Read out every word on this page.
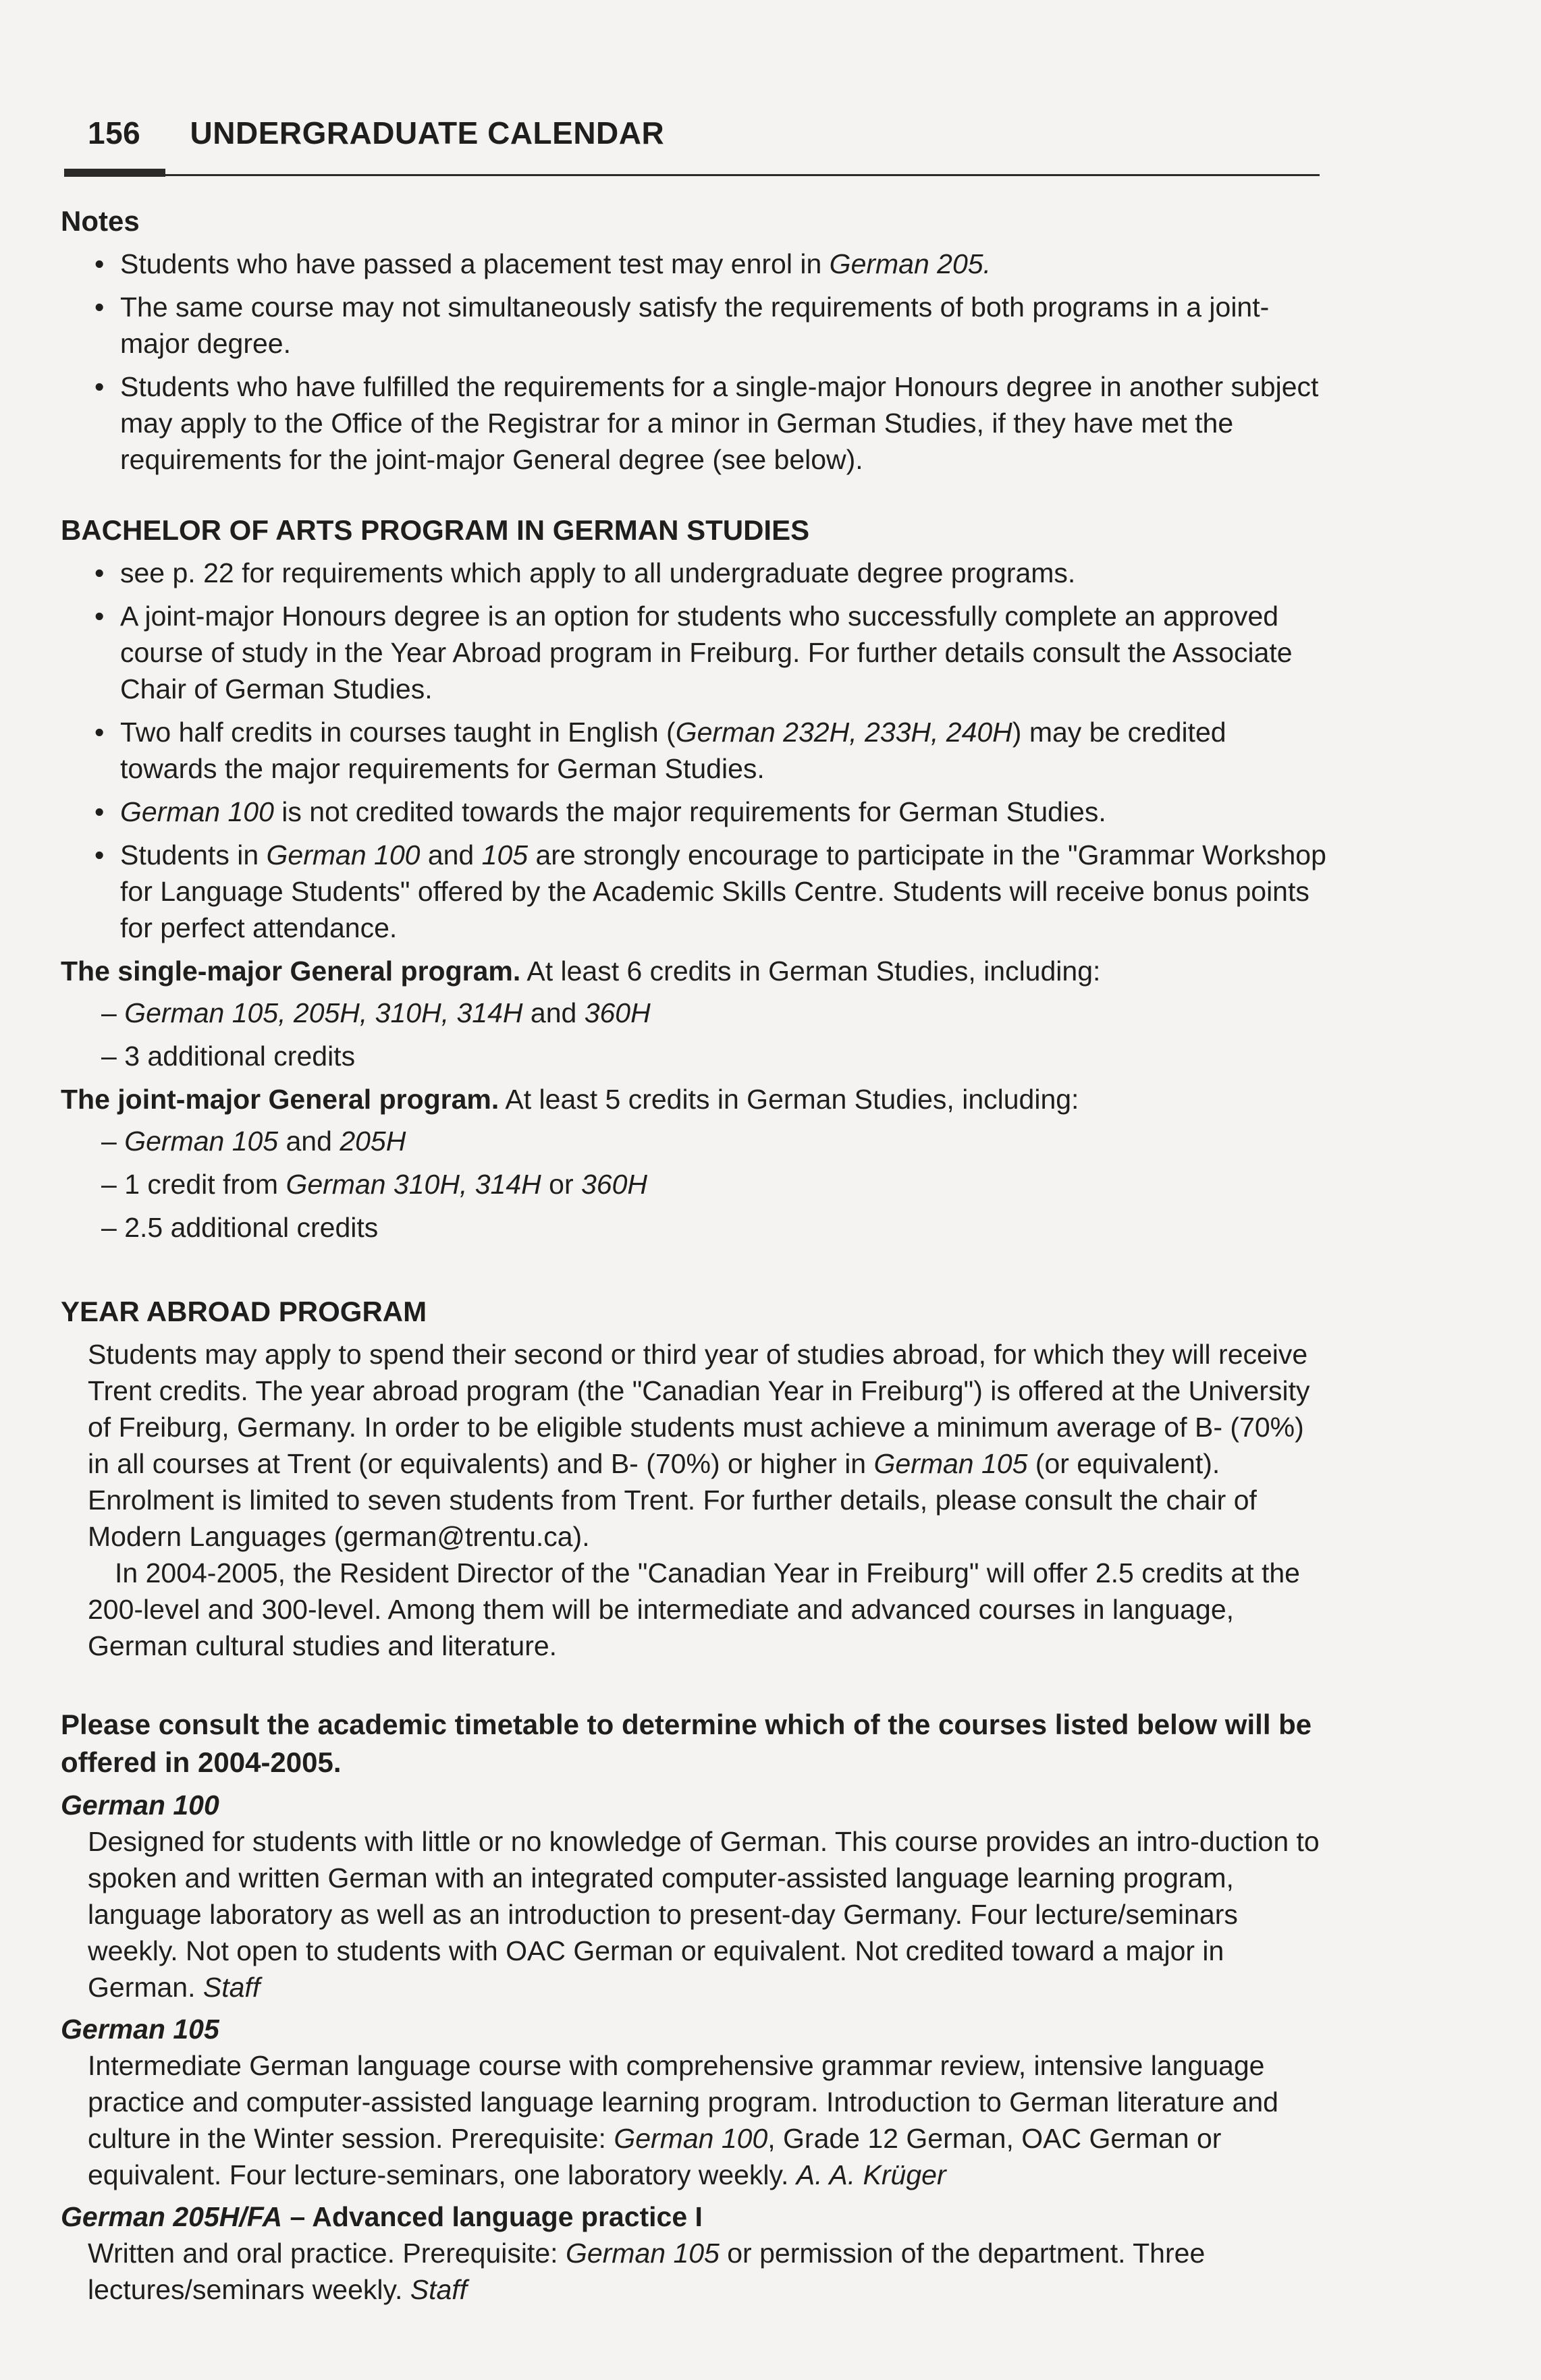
156 UNDERGRADUATE CALENDAR
Notes
• Students who have passed a placement test may enrol in German 205.
• The same course may not simultaneously satisfy the requirements of both programs in a joint-major degree.
• Students who have fulfilled the requirements for a single-major Honours degree in another subject may apply to the Office of the Registrar for a minor in German Studies, if they have met the requirements for the joint-major General degree (see below).
BACHELOR OF ARTS PROGRAM IN GERMAN STUDIES
• see p. 22 for requirements which apply to all undergraduate degree programs.
• A joint-major Honours degree is an option for students who successfully complete an approved course of study in the Year Abroad program in Freiburg. For further details consult the Associate Chair of German Studies.
• Two half credits in courses taught in English (German 232H, 233H, 240H) may be credited towards the major requirements for German Studies.
• German 100 is not credited towards the major requirements for German Studies.
• Students in German 100 and 105 are strongly encourage to participate in the "Grammar Workshop for Language Students" offered by the Academic Skills Centre. Students will receive bonus points for perfect attendance.
The single-major General program. At least 6 credits in German Studies, including:
– German 105, 205H, 310H, 314H and 360H
– 3 additional credits
The joint-major General program. At least 5 credits in German Studies, including:
– German 105 and 205H
– 1 credit from German 310H, 314H or 360H
– 2.5 additional credits
YEAR ABROAD PROGRAM
Students may apply to spend their second or third year of studies abroad, for which they will receive Trent credits. The year abroad program (the "Canadian Year in Freiburg") is offered at the University of Freiburg, Germany. In order to be eligible students must achieve a minimum average of B- (70%) in all courses at Trent (or equivalents) and B- (70%) or higher in German 105 (or equivalent). Enrolment is limited to seven students from Trent. For further details, please consult the chair of Modern Languages (german@trentu.ca).
In 2004-2005, the Resident Director of the "Canadian Year in Freiburg" will offer 2.5 credits at the 200-level and 300-level. Among them will be intermediate and advanced courses in language, German cultural studies and literature.
Please consult the academic timetable to determine which of the courses listed below will be offered in 2004-2005.
German 100
Designed for students with little or no knowledge of German. This course provides an intro-duction to spoken and written German with an integrated computer-assisted language learning program, language laboratory as well as an introduction to present-day Germany. Four lecture/seminars weekly. Not open to students with OAC German or equivalent. Not credited toward a major in German. Staff
German 105
Intermediate German language course with comprehensive grammar review, intensive language practice and computer-assisted language learning program. Introduction to German literature and culture in the Winter session. Prerequisite: German 100, Grade 12 German, OAC German or equivalent. Four lecture-seminars, one laboratory weekly. A. A. Krüger
German 205H/FA – Advanced language practice I
Written and oral practice. Prerequisite: German 105 or permission of the department. Three lectures/seminars weekly. Staff
